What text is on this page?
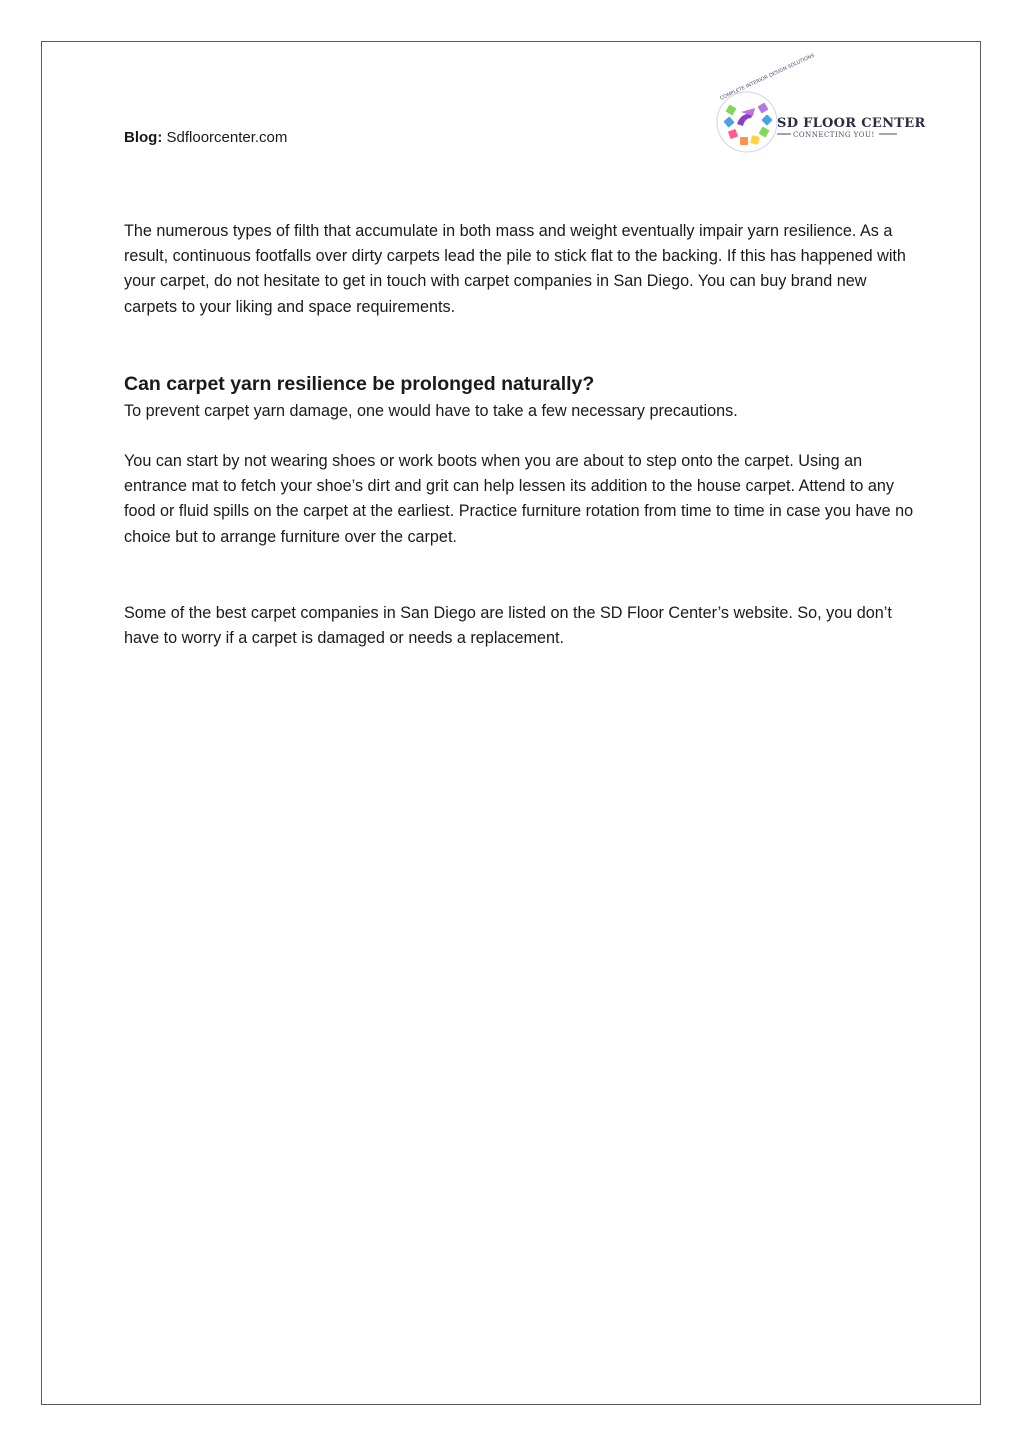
Blog: Sdfloorcenter.com
COMPLETE INTERIOR DESIGN SOLUTIONS
SD FLOOR CENTER
CONNECTING YOU!

The numerous types of filth that accumulate in both mass and weight eventually impair yarn resilience. As a result, continuous footfalls over dirty carpets lead the pile to stick flat to the backing. If this has happened with your carpet, do not hesitate to get in touch with carpet companies in San Diego. You can buy brand new carpets to your liking and space requirements.

Can carpet yarn resilience be prolonged naturally?

To prevent carpet yarn damage, one would have to take a few necessary precautions.

You can start by not wearing shoes or work boots when you are about to step onto the carpet. Using an entrance mat to fetch your shoe’s dirt and grit can help lessen its addition to the house carpet. Attend to any food or fluid spills on the carpet at the earliest. Practice furniture rotation from time to time in case you have no choice but to arrange furniture over the carpet.

Some of the best carpet companies in San Diego are listed on the SD Floor Center’s website. So, you don’t have to worry if a carpet is damaged or needs a replacement.
